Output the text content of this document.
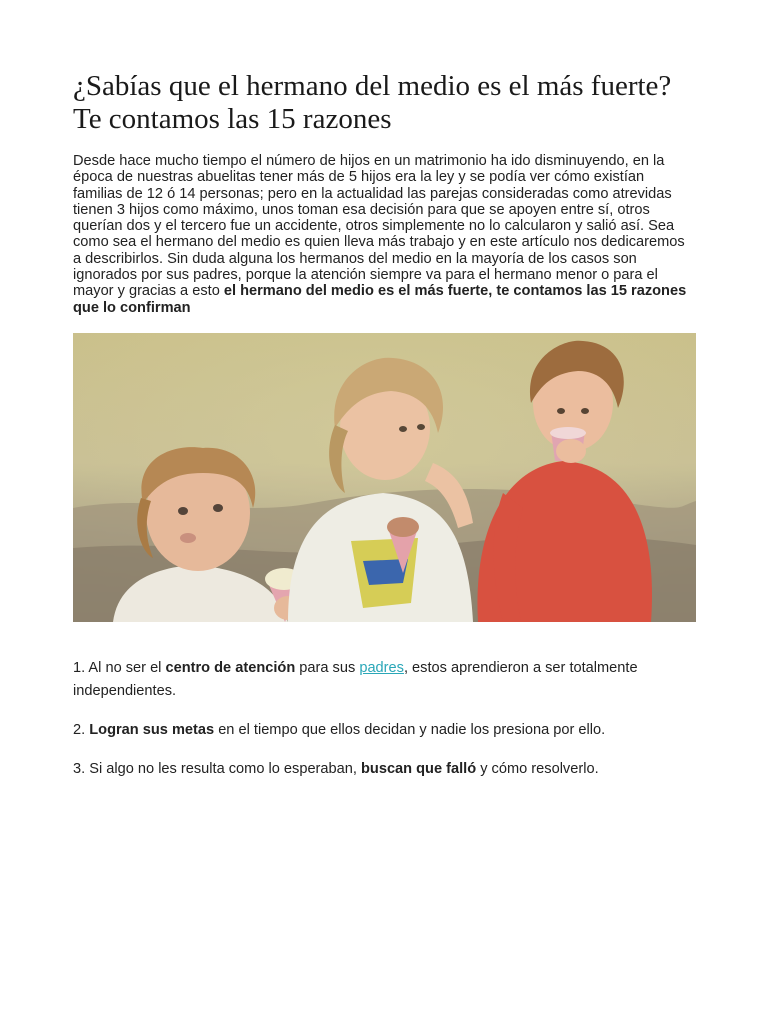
¿Sabías que el hermano del medio es el más fuerte? Te contamos las 15 razones

Desde hace mucho tiempo el número de hijos en un matrimonio ha ido disminuyendo, en la época de nuestras abuelitas tener más de 5 hijos era la ley y se podía ver cómo existían familias de 12 ó 14 personas; pero en la actualidad las parejas consideradas como atrevidas tienen 3 hijos como máximo, unos toman esa decisión para que se apoyen entre sí, otros querían dos y el tercero fue un accidente, otros simplemente no lo calcularon y salió así. Sea como sea el hermano del medio es quien lleva más trabajo y en este artículo nos dedicaremos a describirlos. Sin duda alguna los hermanos del medio en la mayoría de los casos son ignorados por sus padres, porque la atención siempre va para el hermano menor o para el mayor y gracias a esto el hermano del medio es el más fuerte, te contamos las 15 razones que lo confirman

1. Al no ser el centro de atención para sus padres, estos aprendieron a ser totalmente independientes.

2. Logran sus metas en el tiempo que ellos decidan y nadie los presiona por ello.

3. Si algo no les resulta como lo esperaban, buscan que falló y cómo resolverlo.
